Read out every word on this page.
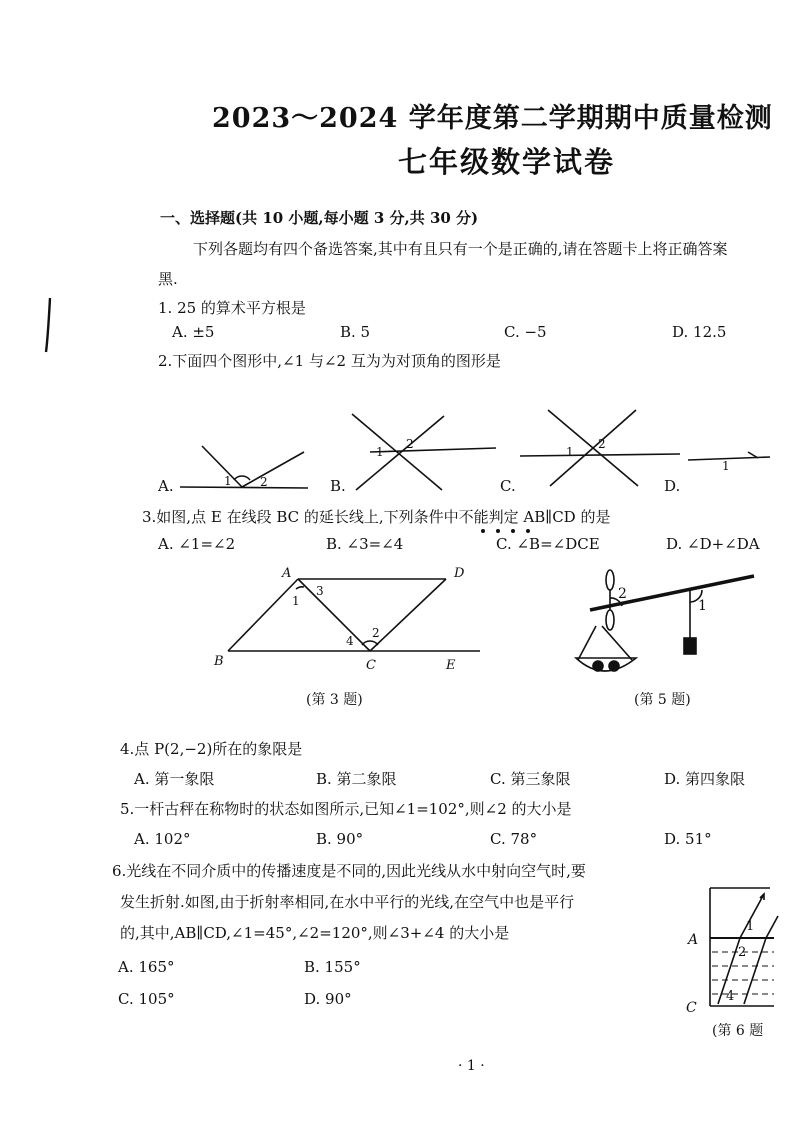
2023～2024 学年度第二学期期中质量检测
七年级数学试卷
一、选择题(共 10 小题,每小题 3 分,共 30 分)
下列各题均有四个备选答案,其中有且只有一个是正确的,请在答题卡上将正确答案
黑.
1. 25 的算术平方根是
A. ±5	B. 5	C. −5	D. 12.5
2.下面四个图形中,∠1 与∠2 互为为对顶角的图形是
1 2
A.
1
2
B.
1
2
C.
1
D.
3.如图,点 E 在线段 BC 的延长线上,下列条件中不能判定 AB∥CD 的是
A. ∠1=∠2	B. ∠3=∠4	C. ∠B=∠DCE	D. ∠D+∠DA
A	D
B	C	E
1
3
4
2
(第 3 题)
2
1
(第 5 题)
4.点 P(2,−2)所在的象限是
A. 第一象限	B. 第二象限	C. 第三象限	D. 第四象限
5.一杆古秤在称物时的状态如图所示,已知∠1=102°,则∠2 的大小是
A. 102°	B. 90°	C. 78°	D. 51°
6.光线在不同介质中的传播速度是不同的,因此光线从水中射向空气时,要
发生折射.如图,由于折射率相同,在水中平行的光线,在空气中也是平行
的,其中,AB∥CD,∠1=45°,∠2=120°,则∠3+∠4 的大小是
A. 165°	B. 155°
C. 105°	D. 90°
A
C
1
2
4
(第 6 题
· 1 ·
